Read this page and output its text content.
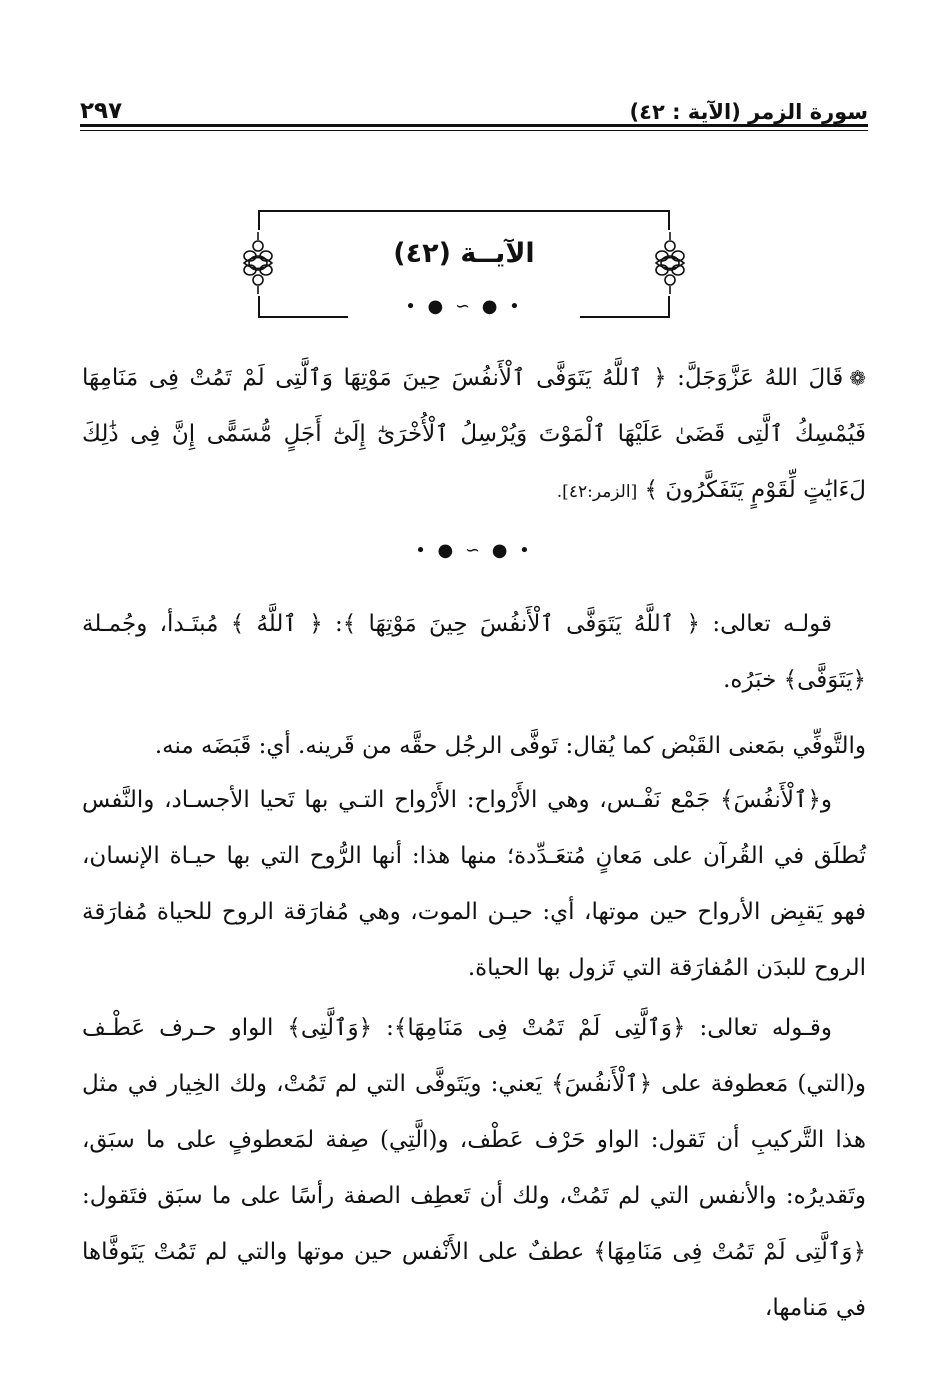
سورة الزمر (الآية : ٤٢)
٢٩٧
الآيــة (٤٢)
• ● ∽ ● •

❁قَالَ اللهُ عَزَّوَجَلَّ: ﴿ ٱللَّهُ يَتَوَفَّى ٱلْأَنفُسَ حِينَ مَوْتِهَا وَٱلَّتِى لَمْ تَمُتْ فِى مَنَامِهَا فَيُمْسِكُ ٱلَّتِى قَضَىٰ عَلَيْهَا ٱلْمَوْتَ وَيُرْسِلُ ٱلْأُخْرَىٰٓ إِلَىٰٓ أَجَلٍ مُّسَمًّى إِنَّ فِى ذَٰلِكَ لَءَايَٰتٍ لِّقَوْمٍ يَتَفَكَّرُونَ ﴾ [الزمر:٤٢].

• ● ∽ ● •

قولـه تعالى: ﴿ ٱللَّهُ يَتَوَفَّى ٱلْأَنفُسَ حِينَ مَوْتِهَا ﴾: ﴿ ٱللَّهُ ﴾ مُبتَـدأ، وجُمـلة ﴿يَتَوَفَّى﴾ خبَرُه.

والتَّوفِّي بمَعنى القَبْض كما يُقال: تَوفَّى الرجُل حقَّه من قَرينه. أي: قَبَضَه منه.

و﴿ٱلْأَنفُسَ﴾ جَمْع نَفْـس، وهي الأَرْواح: الأَرْواح التـي بها تَحيا الأجسـاد، والنَّفس تُطلَق في القُرآن على مَعانٍ مُتعَـدِّدة؛ منها هذا: أنها الرُّوح التي بها حيـاة الإنسان، فهو يَقبِض الأرواح حين موتها، أي: حيـن الموت، وهي مُفارَقة الروح للحياة مُفارَقة الروح للبدَن المُفارَقة التي تَزول بها الحياة.

وقـوله تعالى: ﴿وَٱلَّتِى لَمْ تَمُتْ فِى مَنَامِهَا﴾: ﴿وَٱلَّتِى﴾ الواو حـرف عَطْـف و(التي) مَعطوفة على ﴿ٱلْأَنفُسَ﴾ يَعني: ويَتَوفَّى التي لم تَمُتْ، ولك الخِيار في مثل هذا التَّركيبِ أن تَقول: الواو حَرْف عَطْف، و(الَّتِي) صِفة لمَعطوفٍ على ما سبَق، وتَقديرُه: والأنفس التي لم تَمُتْ، ولك أن تَعطِف الصفة رأسًا على ما سبَق فتَقول: ﴿وَٱلَّتِى لَمْ تَمُتْ فِى مَنَامِهَا﴾ عطفٌ على الأَنْفس حين موتها والتي لم تَمُتْ يَتَوفَّاها في مَنامها،
